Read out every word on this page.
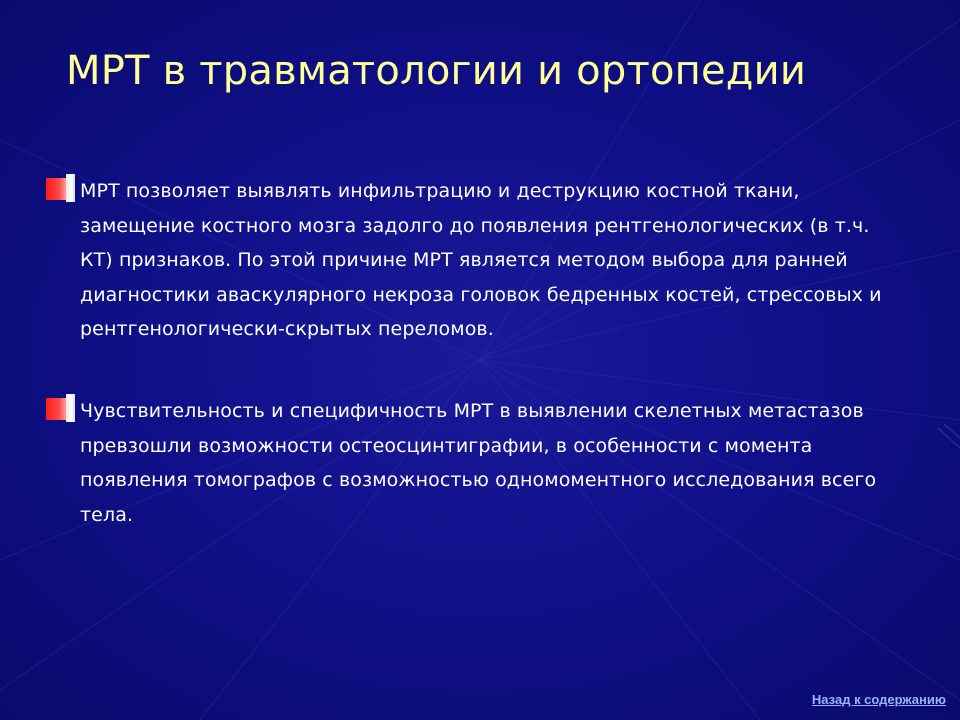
МРТ в травматологии и ортопедии

МРТ позволяет выявлять инфильтрацию и деструкцию костной ткани, замещение костного мозга задолго до появления рентгенологических (в т.ч. КТ) признаков. По этой причине МРТ является методом выбора для ранней диагностики аваскулярного некроза головок бедренных костей, стрессовых и рентгенологически-скрытых переломов.

Чувствительность и специфичность МРТ в выявлении скелетных метастазов превзошли возможности остеосцинтиграфии, в особенности с момента появления томографов с возможностью одномоментного исследования всего тела.

Назад к содержанию
